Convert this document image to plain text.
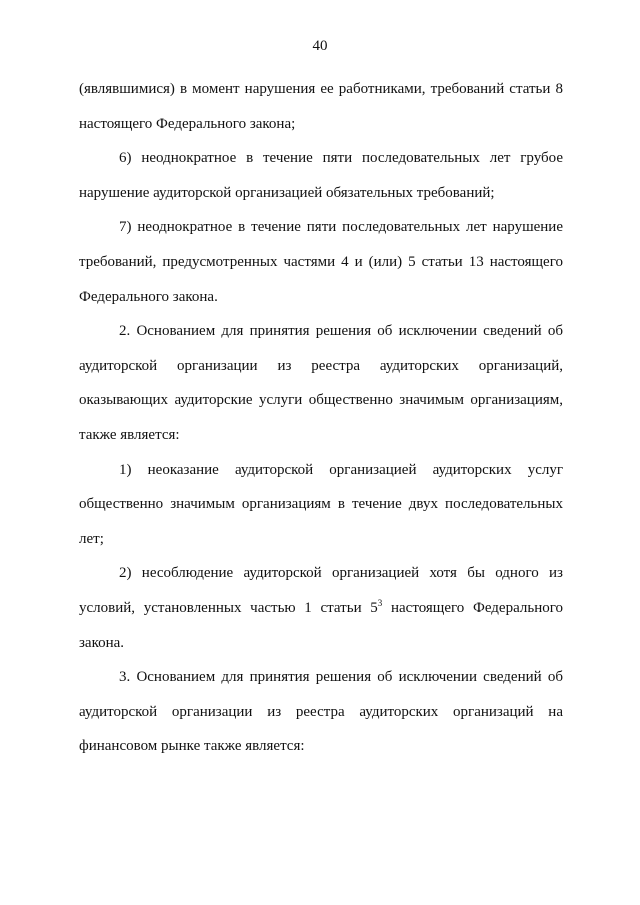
40

(являвшимися) в момент нарушения ее работниками, требований статьи 8 настоящего Федерального закона;

6) неоднократное в течение пяти последовательных лет грубое нарушение аудиторской организацией обязательных требований;

7) неоднократное в течение пяти последовательных лет нарушение требований, предусмотренных частями 4 и (или) 5 статьи 13 настоящего Федерального закона.

2. Основанием для принятия решения об исключении сведений об аудиторской организации из реестра аудиторских организаций, оказывающих аудиторские услуги общественно значимым организациям, также является:

1) неоказание аудиторской организацией аудиторских услуг общественно значимым организациям в течение двух последовательных лет;

2) несоблюдение аудиторской организацией хотя бы одного из условий, установленных частью 1 статьи $5^3$ настоящего Федерального закона.

3. Основанием для принятия решения об исключении сведений об аудиторской организации из реестра аудиторских организаций на финансовом рынке также является:
